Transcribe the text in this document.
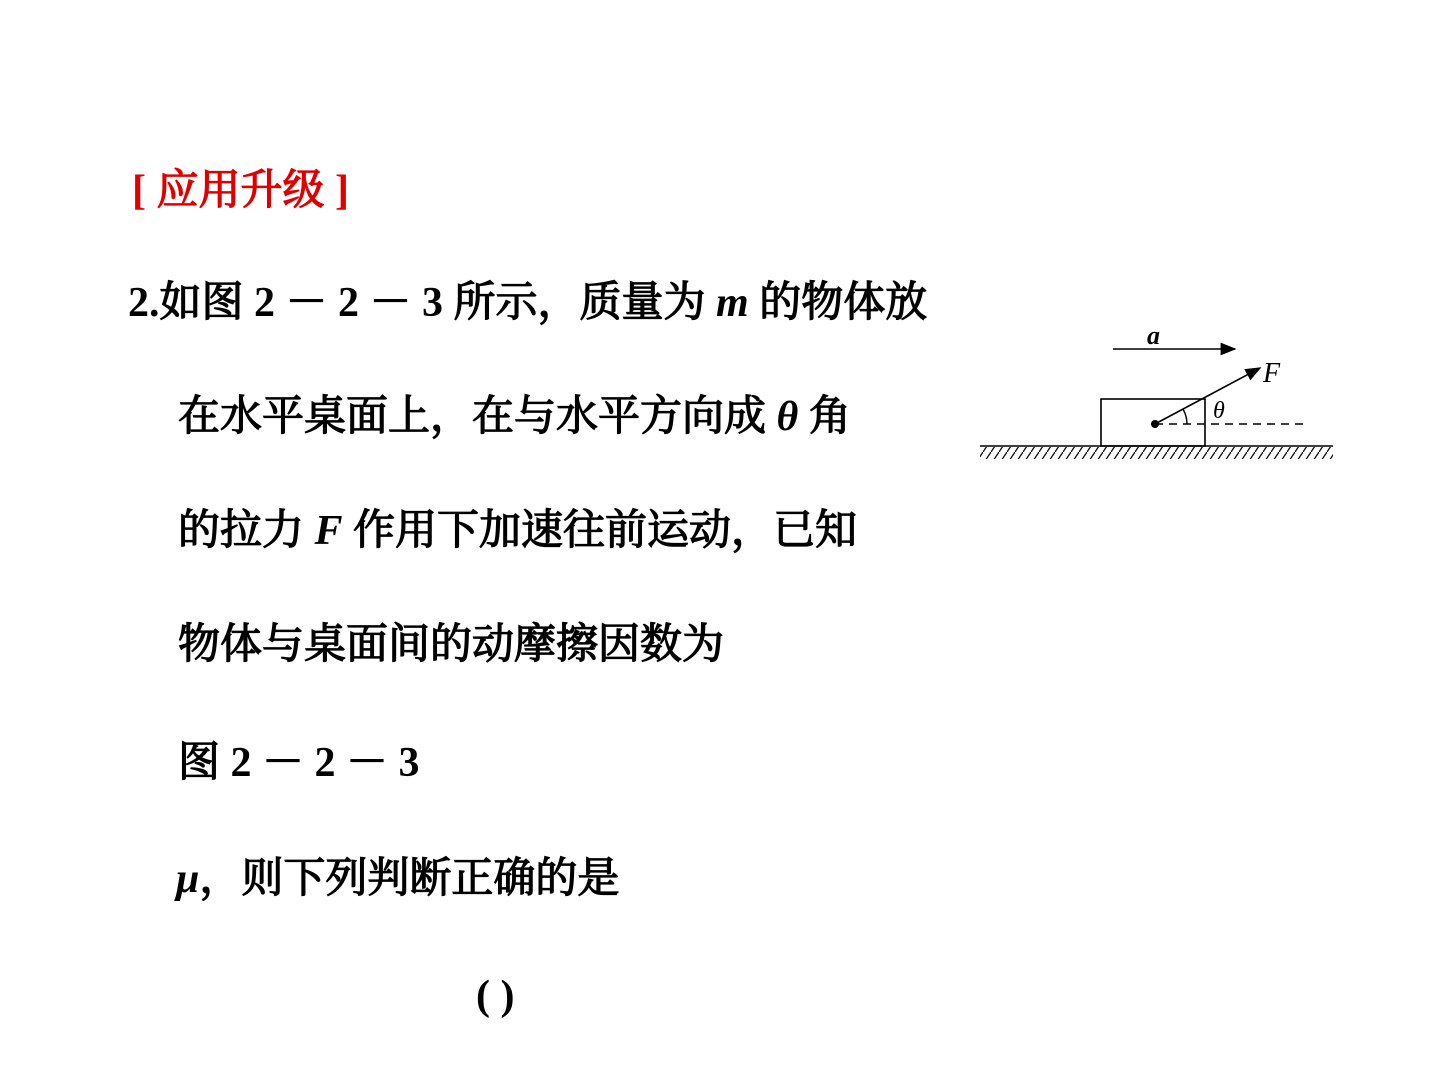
[ 应用升级 ]
2.如图 2 － 2 － 3 所示，质量为 m 的物体放
在水平桌面上，在与水平方向成 θ 角
的拉力 F 作用下加速往前运动，已知
物体与桌面间的动摩擦因数为
图 2 － 2 － 3
μ，则下列判断正确的是
( )
a
F
θ
